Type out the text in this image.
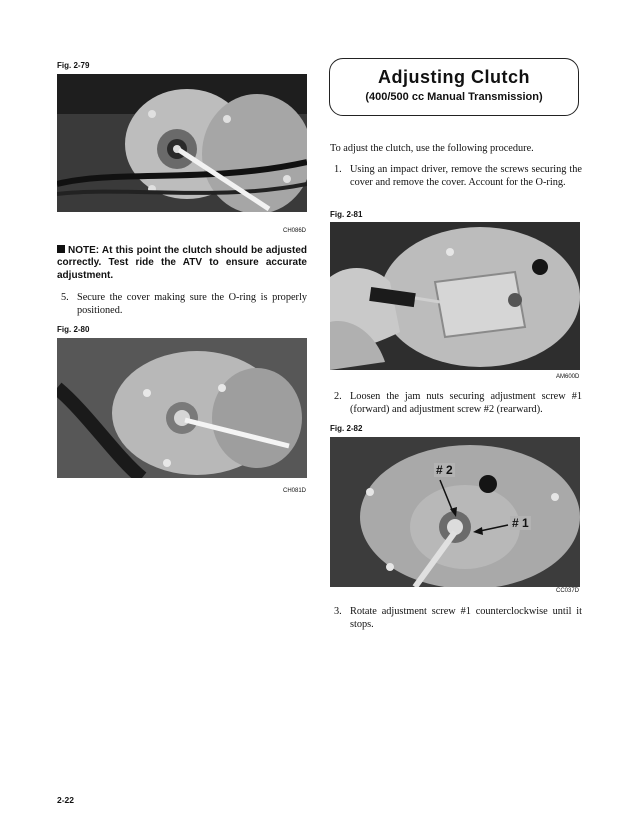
Fig. 2-79
CH086D
NOTE: At this point the clutch should be adjusted correctly. Test ride the ATV to ensure accurate adjustment.
5. Secure the cover making sure the O-ring is properly positioned.
Fig. 2-80
CH081D
2-22
Adjusting Clutch
(400/500 cc Manual Transmission)
To adjust the clutch, use the following procedure.
1. Using an impact driver, remove the screws securing the cover and remove the cover. Account for the O-ring.
Fig. 2-81
AM600D
2. Loosen the jam nuts securing adjustment screw #1 (forward) and adjustment screw #2 (rearward).
Fig. 2-82
# 2
# 1
CC037D
3. Rotate adjustment screw #1 counterclockwise until it stops.
